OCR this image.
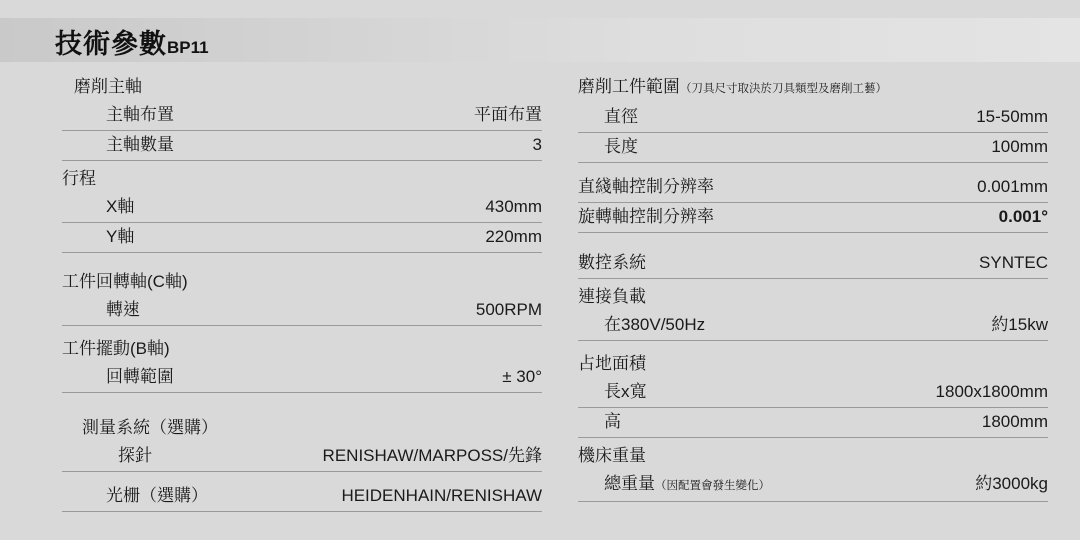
技術參數BP11
磨削主軸
主軸布置	平面布置
主軸數量	3
行程
X軸	430mm
Y軸	220mm
工件回轉軸(C軸)
轉速	500RPM
工件擺動(B軸)
回轉範圍	± 30°
測量系統（選購）
探針	RENISHAW/MARPOSS/先鋒
光栅（選購）	HEIDENHAIN/RENISHAW
磨削工件範圍（刀具尺寸取決於刀具類型及磨削工藝）
直徑	15-50mm
長度	100mm
直綫軸控制分辨率	0.001mm
旋轉軸控制分辨率	0.001°
數控系統	SYNTEC
連接負載
在380V/50Hz	約15kw
占地面積
長x寬	1800x1800mm
高	1800mm
機床重量
總重量（因配置會發生變化）	約3000kg
